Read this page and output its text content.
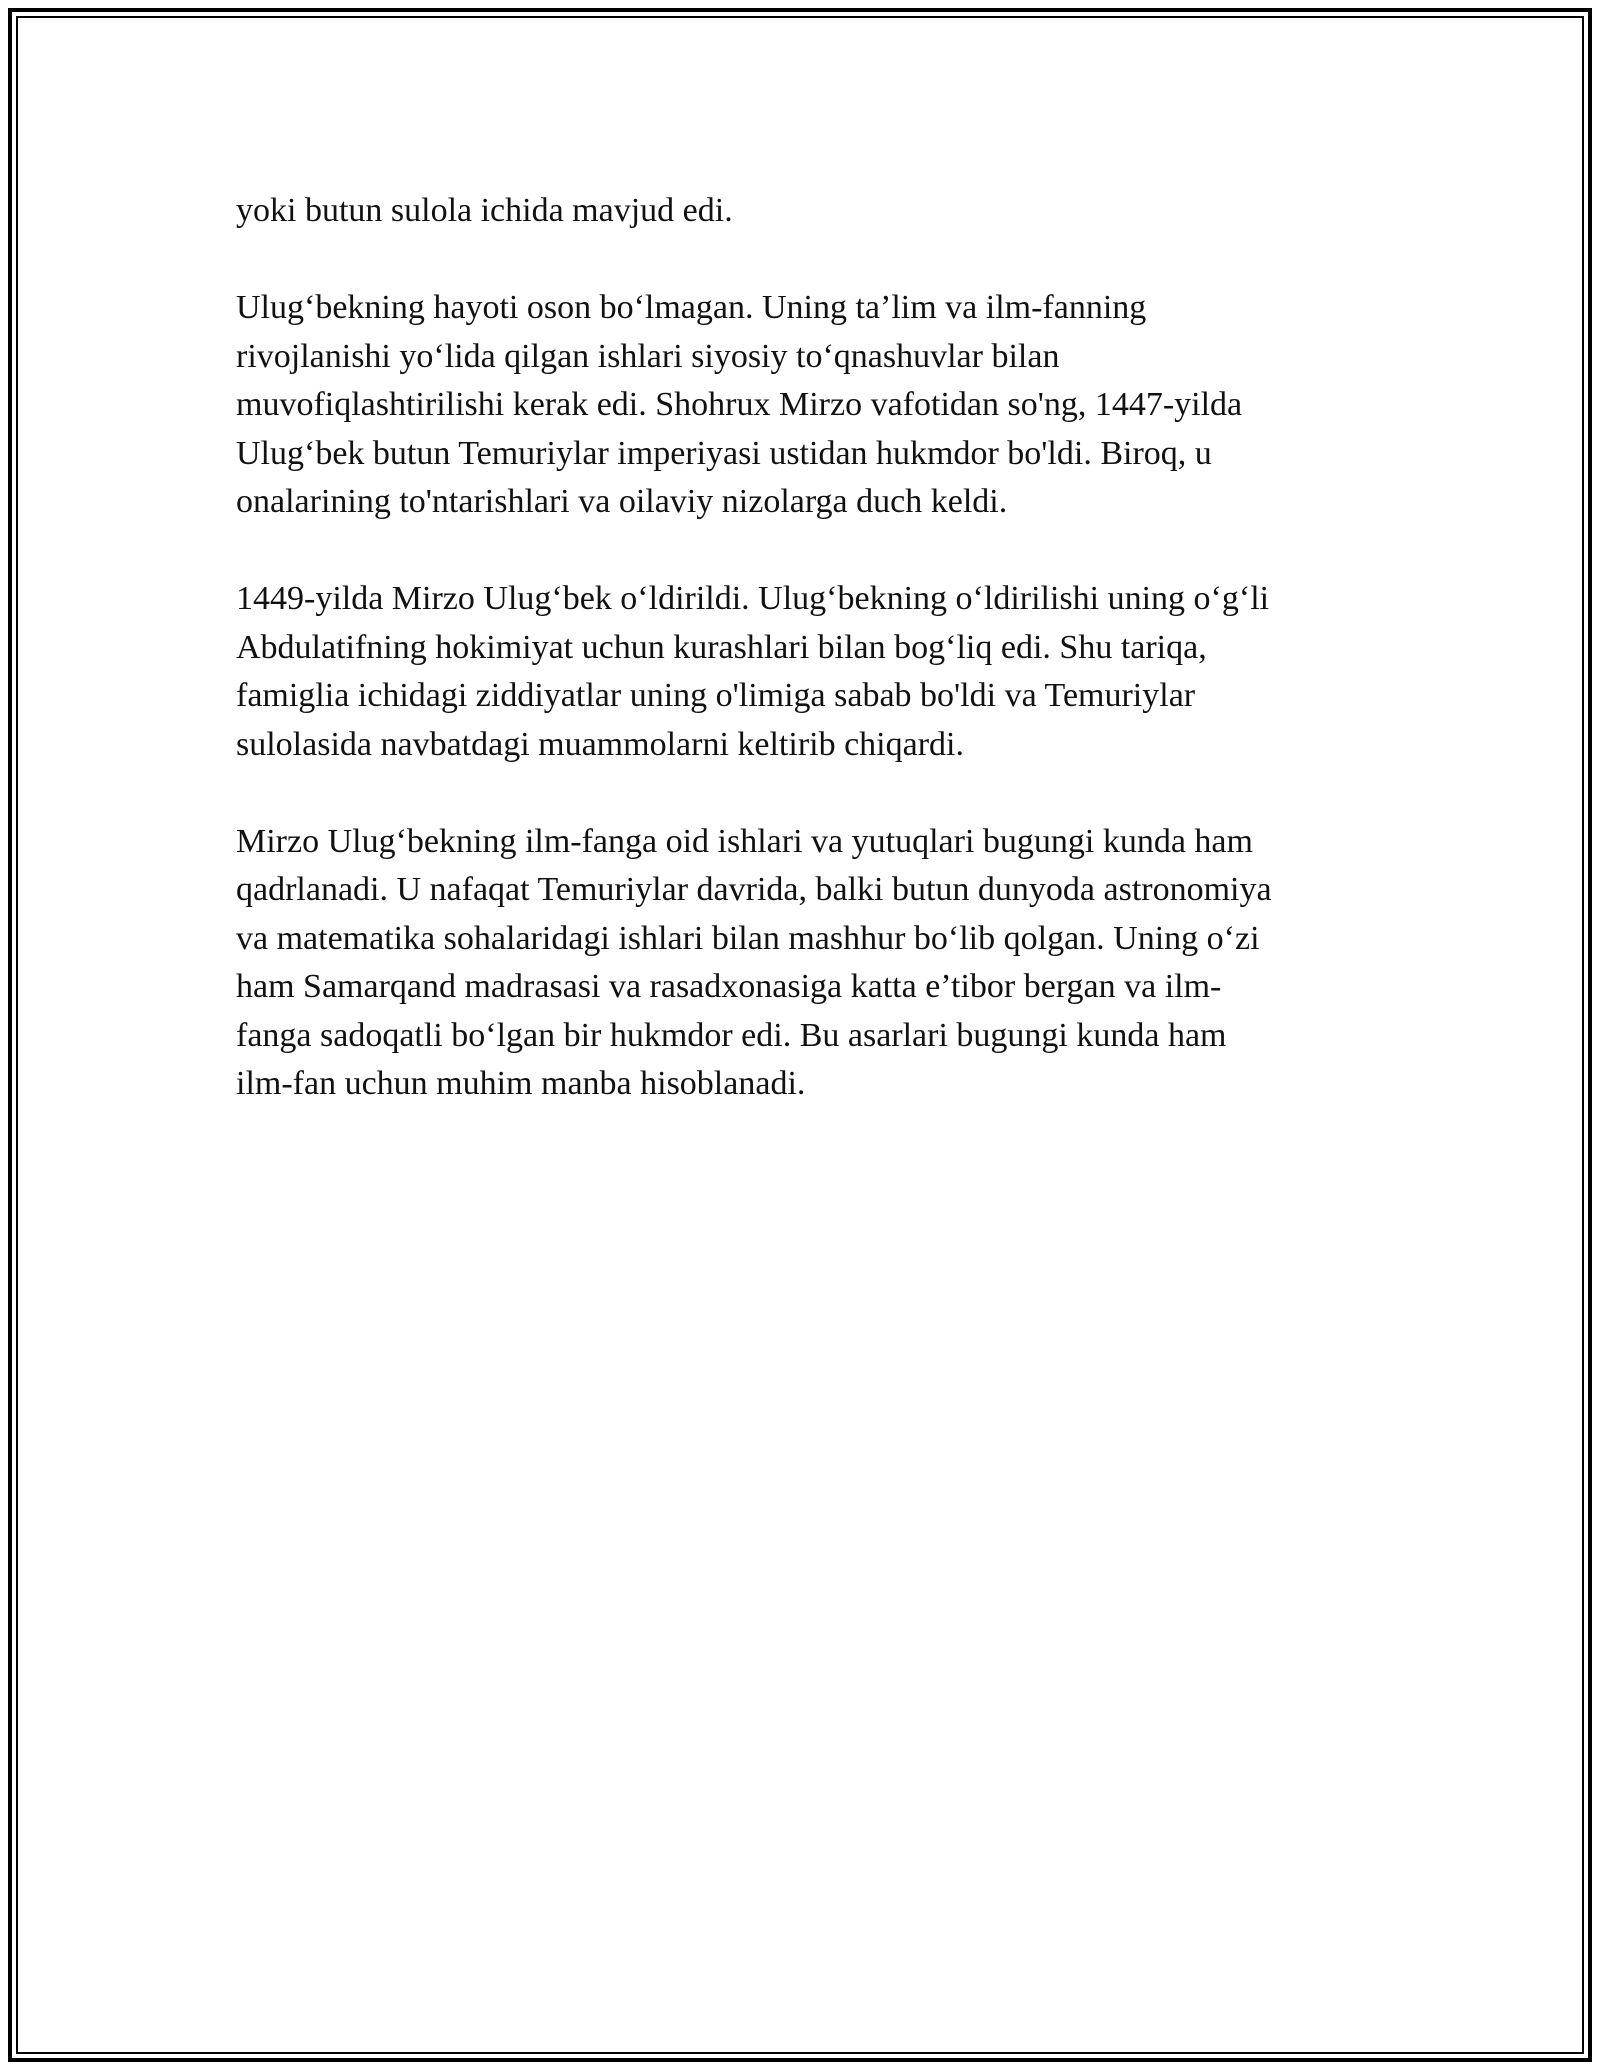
yoki butun sulola ichida mavjud edi.

Ulug‘bekning hayoti oson bo‘lmagan. Uning ta’lim va ilm-fanning
rivojlanishi yo‘lida qilgan ishlari siyosiy to‘qnashuvlar bilan
muvofiqlashtirilishi kerak edi. Shohrux Mirzo vafotidan so'ng, 1447-yilda
Ulug‘bek butun Temuriylar imperiyasi ustidan hukmdor bo'ldi. Biroq, u
onalarining to'ntarishlari va oilaviy nizolarga duch keldi.

1449-yilda Mirzo Ulug‘bek o‘ldirildi. Ulug‘bekning o‘ldirilishi uning o‘g‘li
Abdulatifning hokimiyat uchun kurashlari bilan bog‘liq edi. Shu tariqa,
famiglia ichidagi ziddiyatlar uning o'limiga sabab bo'ldi va Temuriylar
sulolasida navbatdagi muammolarni keltirib chiqardi.

Mirzo Ulug‘bekning ilm-fanga oid ishlari va yutuqlari bugungi kunda ham
qadrlanadi. U nafaqat Temuriylar davrida, balki butun dunyoda astronomiya
va matematika sohalaridagi ishlari bilan mashhur bo‘lib qolgan. Uning o‘zi
ham Samarqand madrasasi va rasadxonasiga katta e’tibor bergan va ilm-
fanga sadoqatli bo‘lgan bir hukmdor edi. Bu asarlari bugungi kunda ham
ilm-fan uchun muhim manba hisoblanadi.
